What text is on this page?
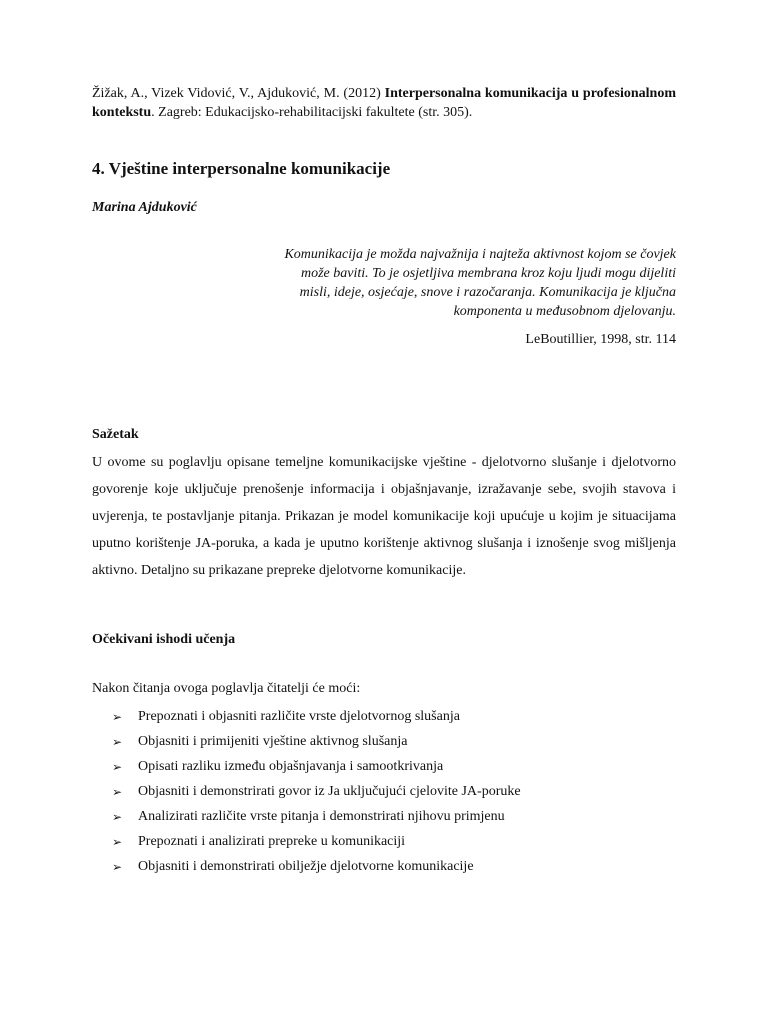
Žižak, A., Vizek Vidović, V., Ajduković, M. (2012) Interpersonalna komunikacija u profesionalnom kontekstu. Zagreb: Edukacijsko-rehabilitacijski fakultete (str. 305).
4. Vještine interpersonalne komunikacije
Marina Ajduković
Komunikacija je možda najvažnija i najteža aktivnost kojom se čovjek
može baviti. To je osjetljiva membrana kroz koju ljudi mogu dijeliti
misli, ideje, osjećaje, snove i razočaranja. Komunikacija je ključna
komponenta u međusobnom djelovanju.
LeBoutillier, 1998, str. 114
Sažetak
U ovome su poglavlju opisane temeljne komunikacijske vještine - djelotvorno slušanje i djelotvorno govorenje koje uključuje prenošenje informacija i objašnjavanje, izražavanje sebe, svojih stavova i uvjerenja, te postavljanje pitanja. Prikazan je model komunikacije koji upućuje u kojim je situacijama uputno korištenje JA-poruka, a kada je uputno korištenje aktivnog slušanja i iznošenje svog mišljenja aktivno. Detaljno su prikazane prepreke djelotvorne komunikacije.
Očekivani ishodi učenja
Nakon čitanja ovoga poglavlja čitatelji će moći:
➢	Prepoznati i objasniti različite vrste djelotvornog slušanja
➢	Objasniti i primijeniti vještine aktivnog slušanja
➢	Opisati razliku između objašnjavanja i samootkrivanja
➢	Objasniti i demonstrirati govor iz Ja uključujući cjelovite JA-poruke
➢	Analizirati različite vrste pitanja i demonstrirati njihovu primjenu
➢	Prepoznati i analizirati prepreke u komunikaciji
➢	Objasniti i demonstrirati obilježje djelotvorne komunikacije
